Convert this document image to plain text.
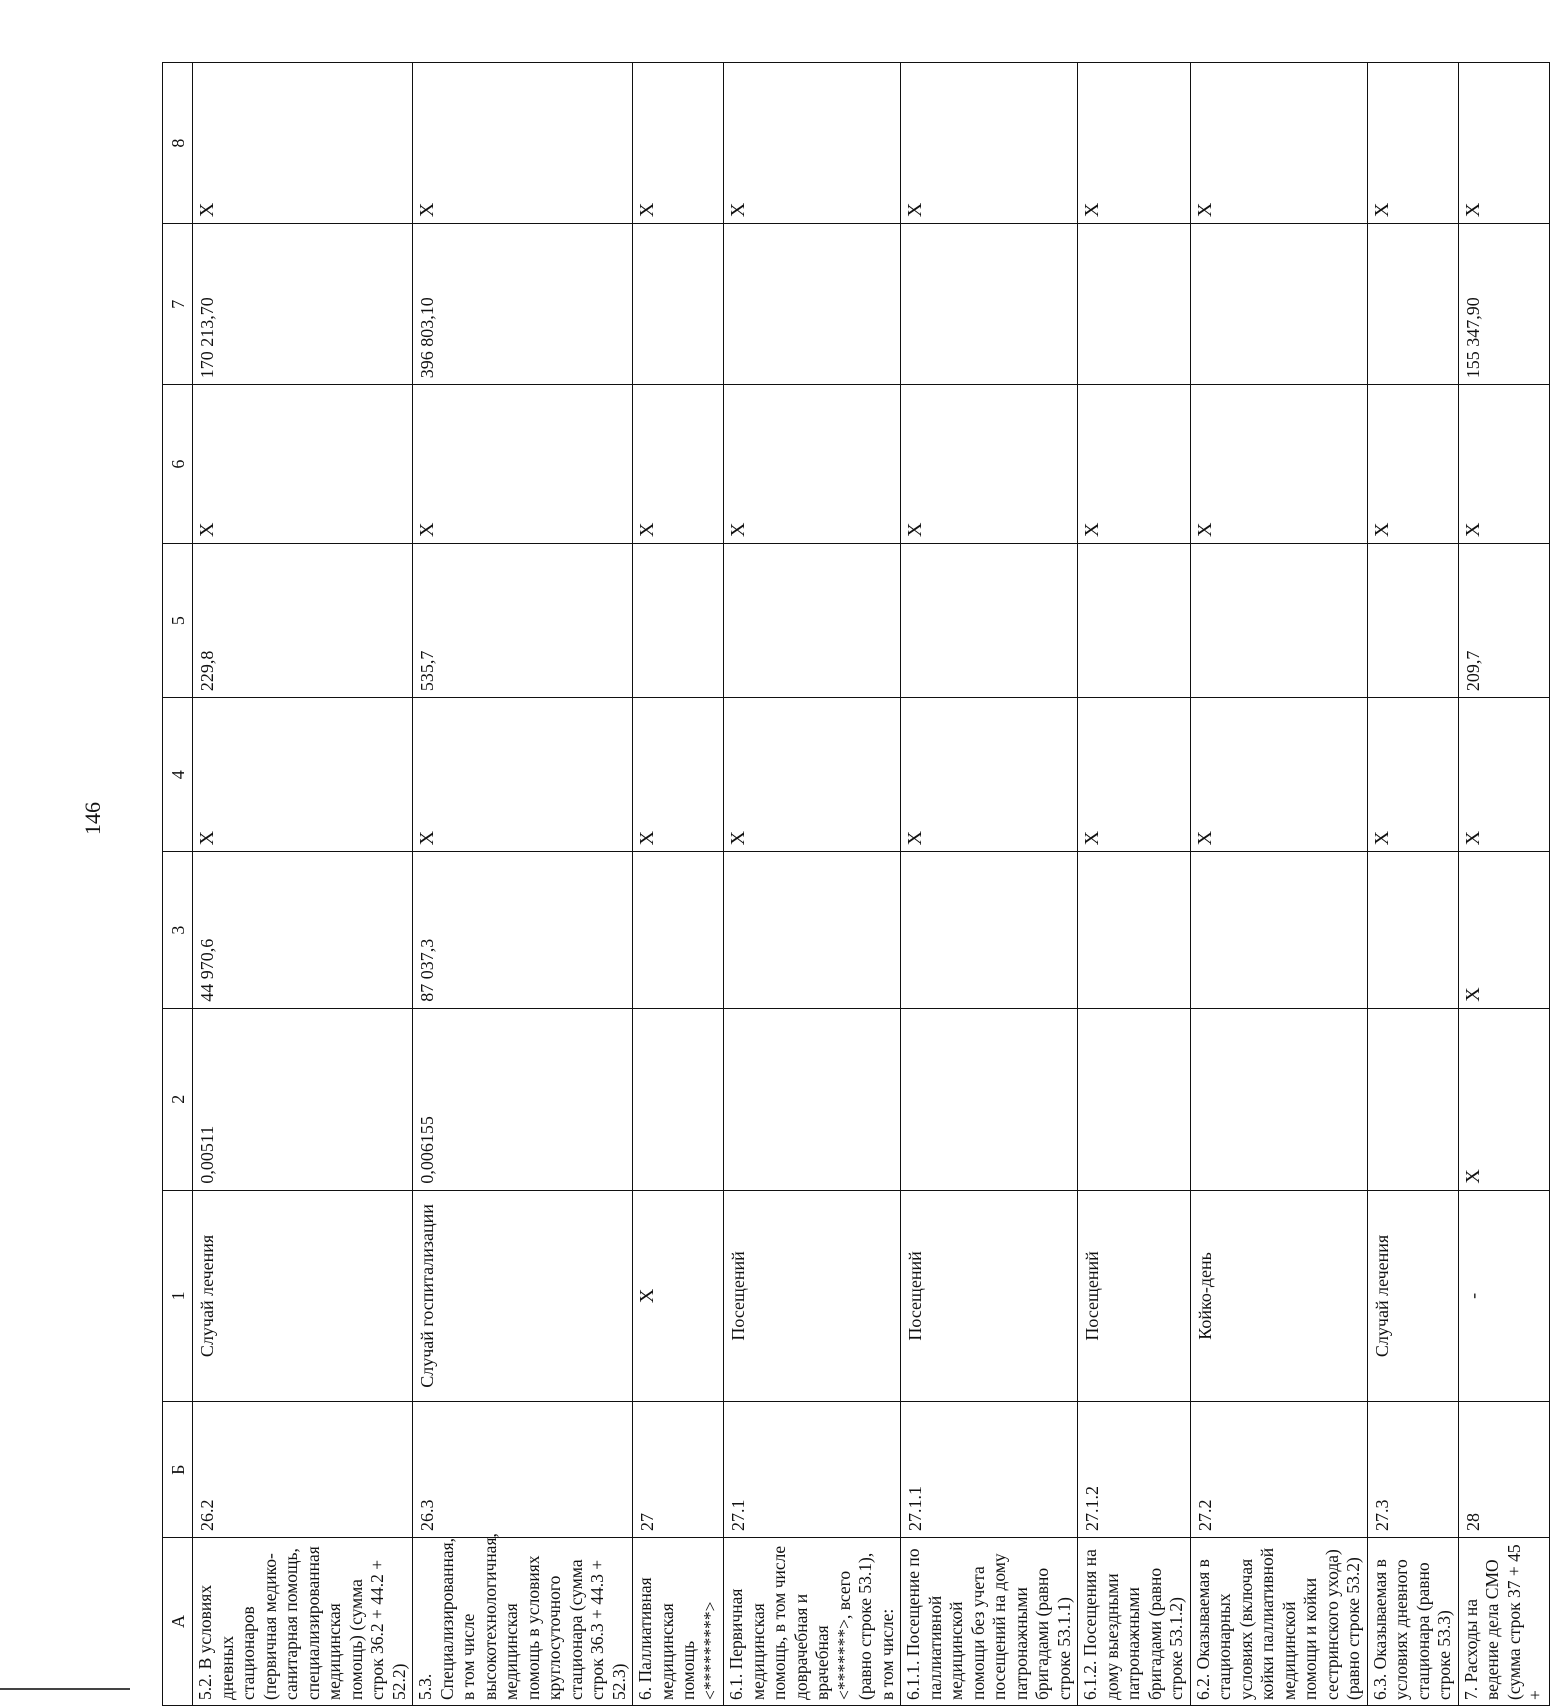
146
А	Б	1	2	3	4	5	6	7	8
5.2. В условиях дневных стационаров (первичная медико-санитарная помощь, специализированная медицинская помощь) (сумма строк 36.2 + 44.2 + 52.2)	26.2	Случай лечения	0,00511	44 970,6	X	229,8	X	170 213,70	X
5.3. Специализированная, в том числе высокотехнологичная, медицинская помощь в условиях круглосуточного стационара (сумма строк 36.3 + 44.3 + 52.3)	26.3	Случай госпитализации	0,006155	87 037,3	X	535,7	X	396 803,10	X
6. Паллиативная медицинская помощь <*********>	27	X			X		X		X
6.1. Первичная медицинская помощь, в том числе доврачебная и врачебная <*******>, всего (равно строке 53.1), в том числе:	27.1	Посещений			X		X		X
6.1.1. Посещение по паллиативной медицинской помощи без учета посещений на дому патронажными бригадами (равно строке 53.1.1)	27.1.1	Посещений			X		X		X
6.1.2. Посещения на дому выездными патронажными бригадами (равно строке 53.1.2)	27.1.2	Посещений			X		X		X
6.2. Оказываемая в стационарных условиях (включая койки паллиативной медицинской помощи и койки сестринского ухода) (равно строке 53.2)	27.2	Койко-день			X		X		X
6.3. Оказываемая в условиях дневного стационара (равно строке 53.3)	27.3	Случай лечения			X		X		X
7. Расходы на ведение дела СМО (сумма строк 37 + 45 +	28	-	X	X	X	209,7	X	155 347,90	X
